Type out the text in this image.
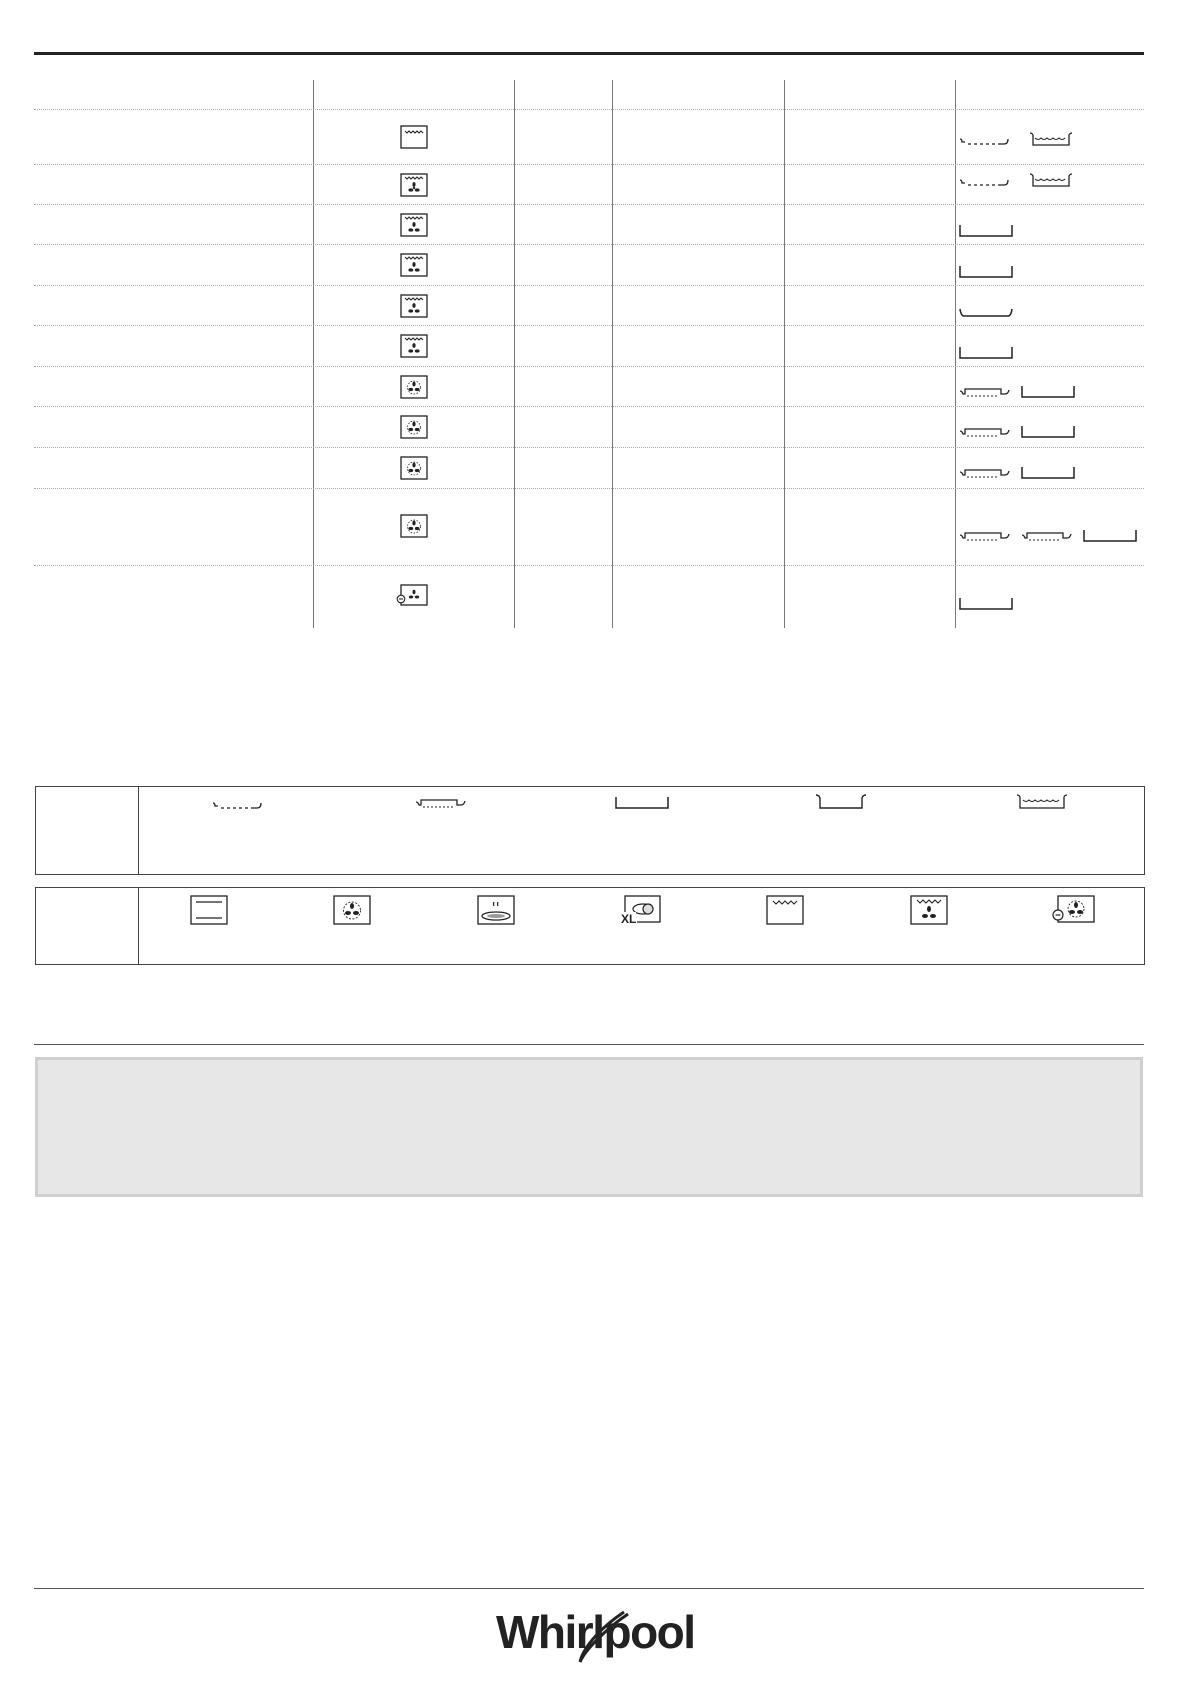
XL
Whirlpool
